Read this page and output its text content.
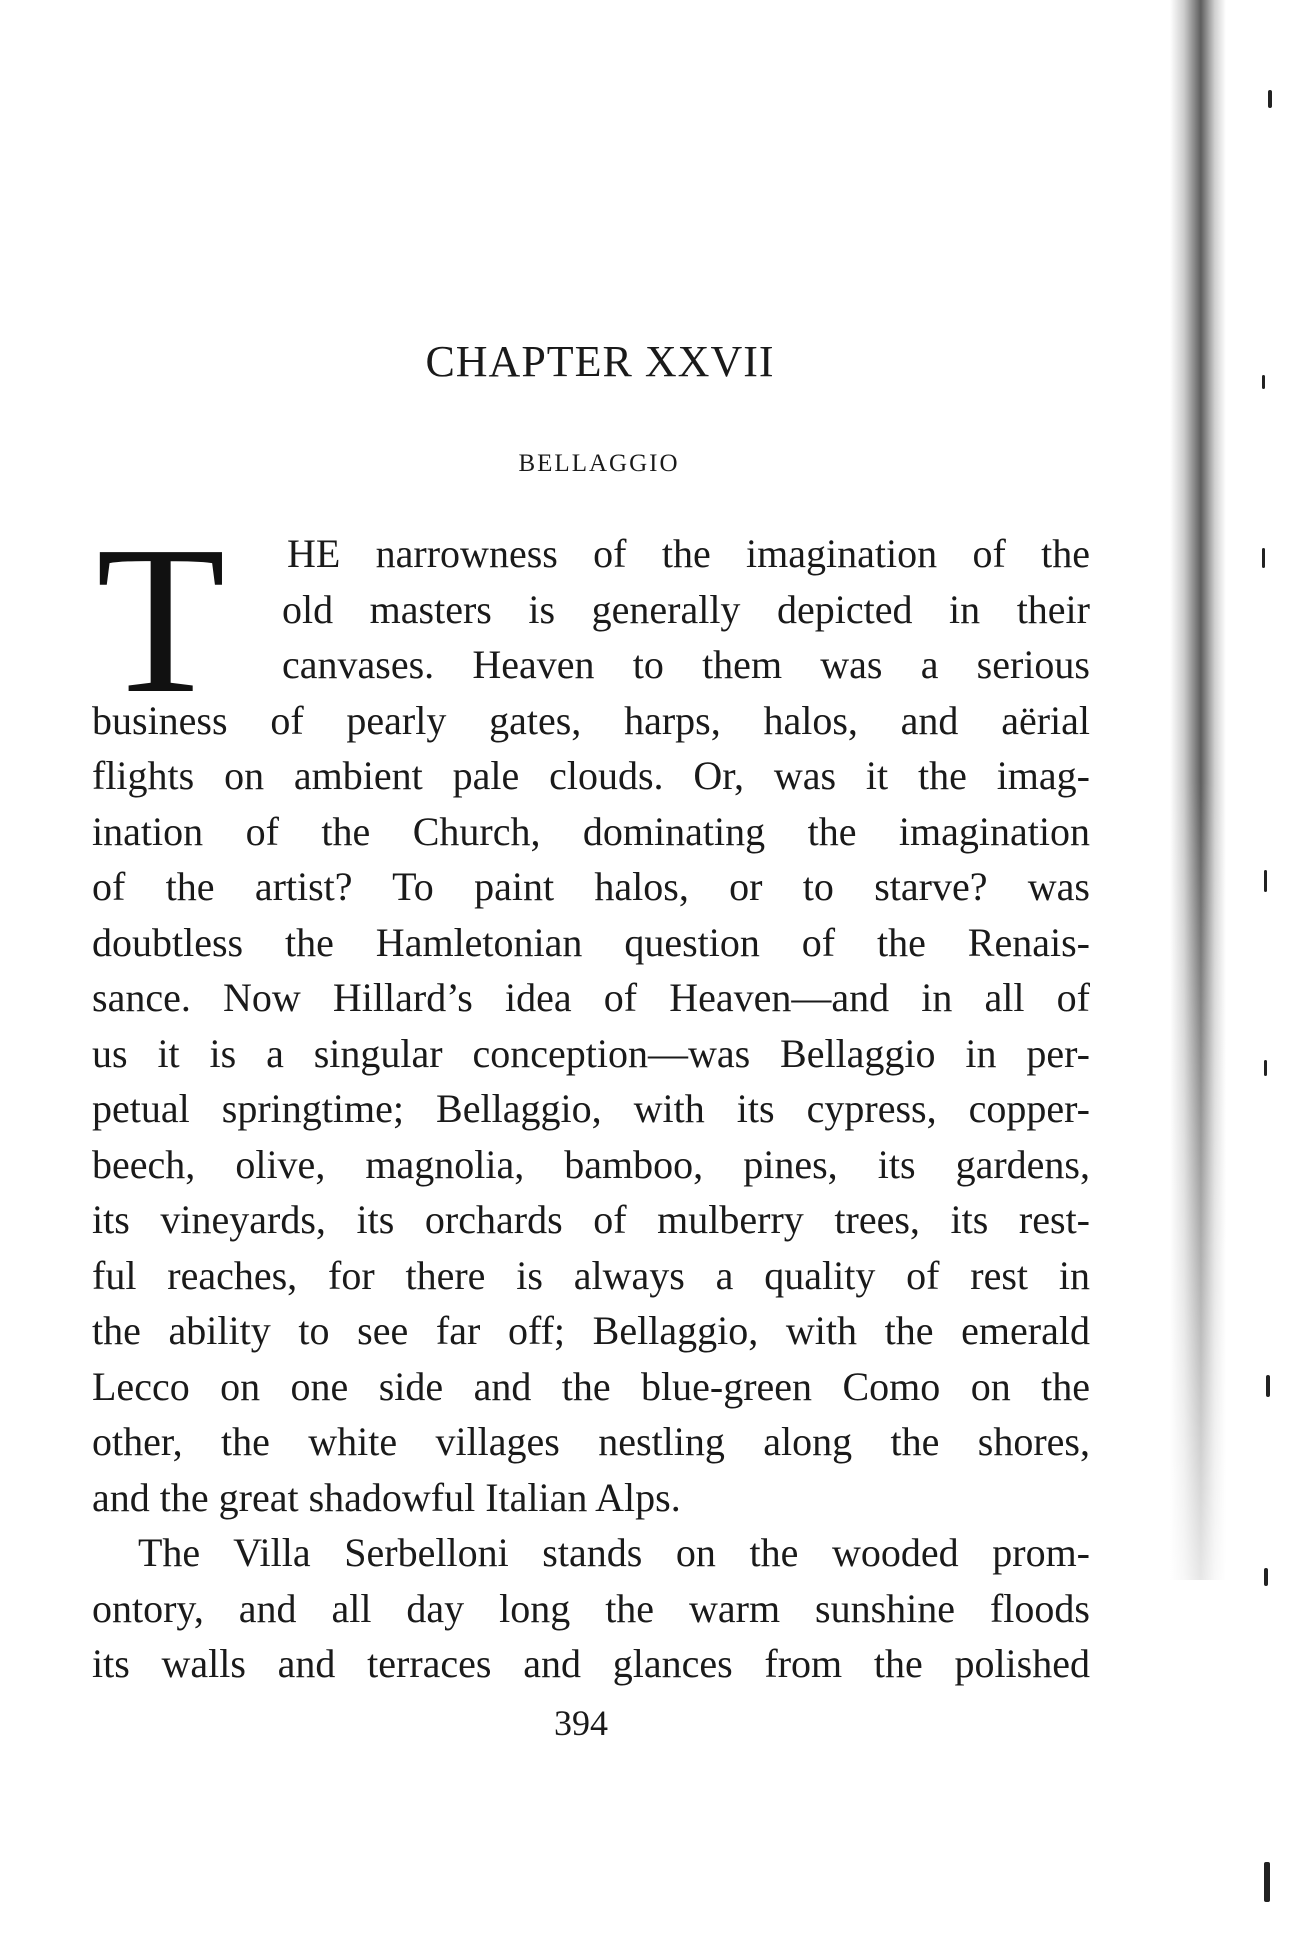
CHAPTER XXVII
BELLAGGIO
T HE narrowness of the imagination of the
old masters is generally depicted in their
canvases. Heaven to them was a serious
business of pearly gates, harps, halos, and aërial
flights on ambient pale clouds. Or, was it the imag-
ination of the Church, dominating the imagination
of the artist? To paint halos, or to starve? was
doubtless the Hamletonian question of the Renais-
sance. Now Hillard’s idea of Heaven—and in all of
us it is a singular conception—was Bellaggio in per-
petual springtime; Bellaggio, with its cypress, copper-
beech, olive, magnolia, bamboo, pines, its gardens,
its vineyards, its orchards of mulberry trees, its rest-
ful reaches, for there is always a quality of rest in
the ability to see far off; Bellaggio, with the emerald
Lecco on one side and the blue-green Como on the
other, the white villages nestling along the shores,
and the great shadowful Italian Alps.
The Villa Serbelloni stands on the wooded prom-
ontory, and all day long the warm sunshine floods
its walls and terraces and glances from the polished
394
